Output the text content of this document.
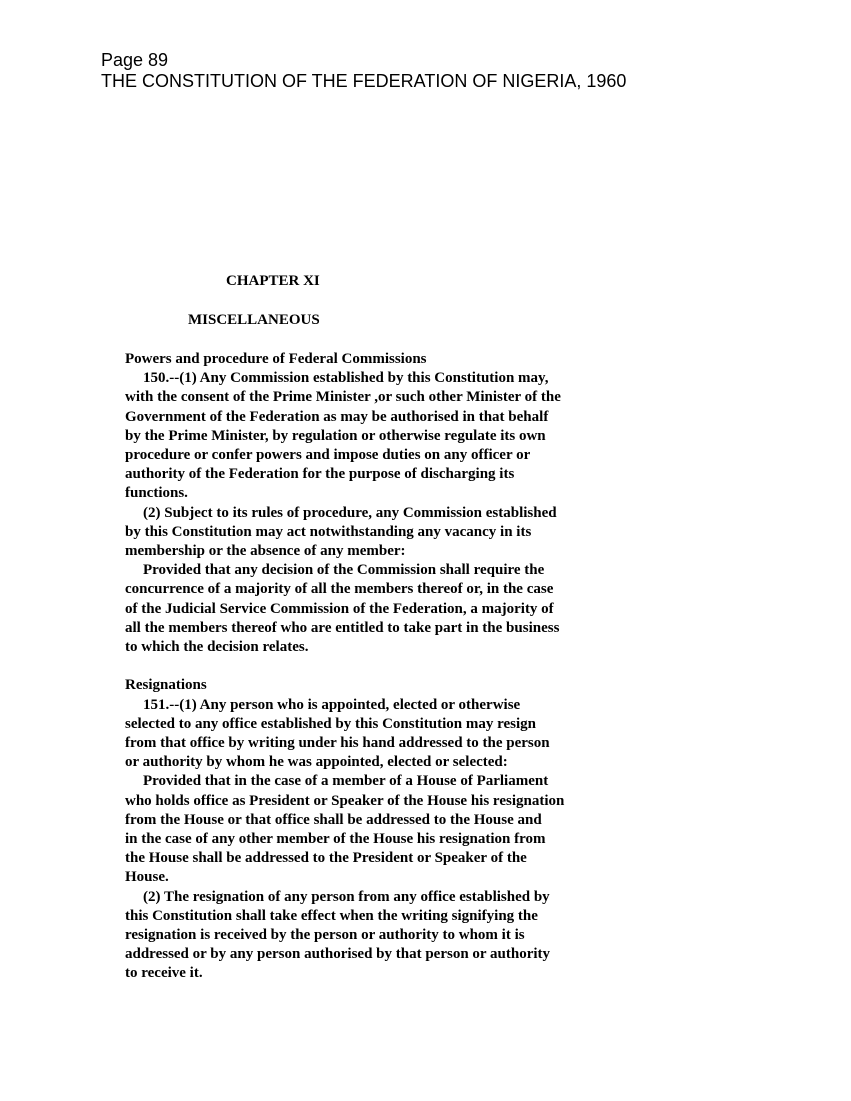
Page 89
THE CONSTITUTION OF THE FEDERATION OF NIGERIA, 1960
CHAPTER XI
MISCELLANEOUS
Powers and procedure of Federal Commissions
150.--(1) Any Commission established by this Constitution may,
with the consent of the Prime Minister ,or such other Minister of the
Government of the Federation as may be authorised in that behalf
by the Prime Minister, by regulation or otherwise regulate its own
procedure or confer powers and impose duties on any officer or
authority of the Federation for the purpose of discharging its
functions.
(2) Subject to its rules of procedure, any Commission established
by this Constitution may act notwithstanding any vacancy in its
membership or the absence of any member:
Provided that any decision of the Commission shall require the
concurrence of a majority of all the members thereof or, in the case
of the Judicial Service Commission of the Federation, a majority of
all the members thereof who are entitled to take part in the business
to which the decision relates.
Resignations
151.--(1) Any person who is appointed, elected or otherwise
selected to any office established by this Constitution may resign
from that office by writing under his hand addressed to the person
or authority by whom he was appointed, elected or selected:
Provided that in the case of a member of a House of Parliament
who holds office as President or Speaker of the House his resignation
from the House or that office shall be addressed to the House and
in the case of any other member of the House his resignation from
the House shall be addressed to the President or Speaker of the
House.
(2) The resignation of any person from any office established by
this Constitution shall take effect when the writing signifying the
resignation is received by the person or authority to whom it is
addressed or by any person authorised by that person or authority
to receive it.
